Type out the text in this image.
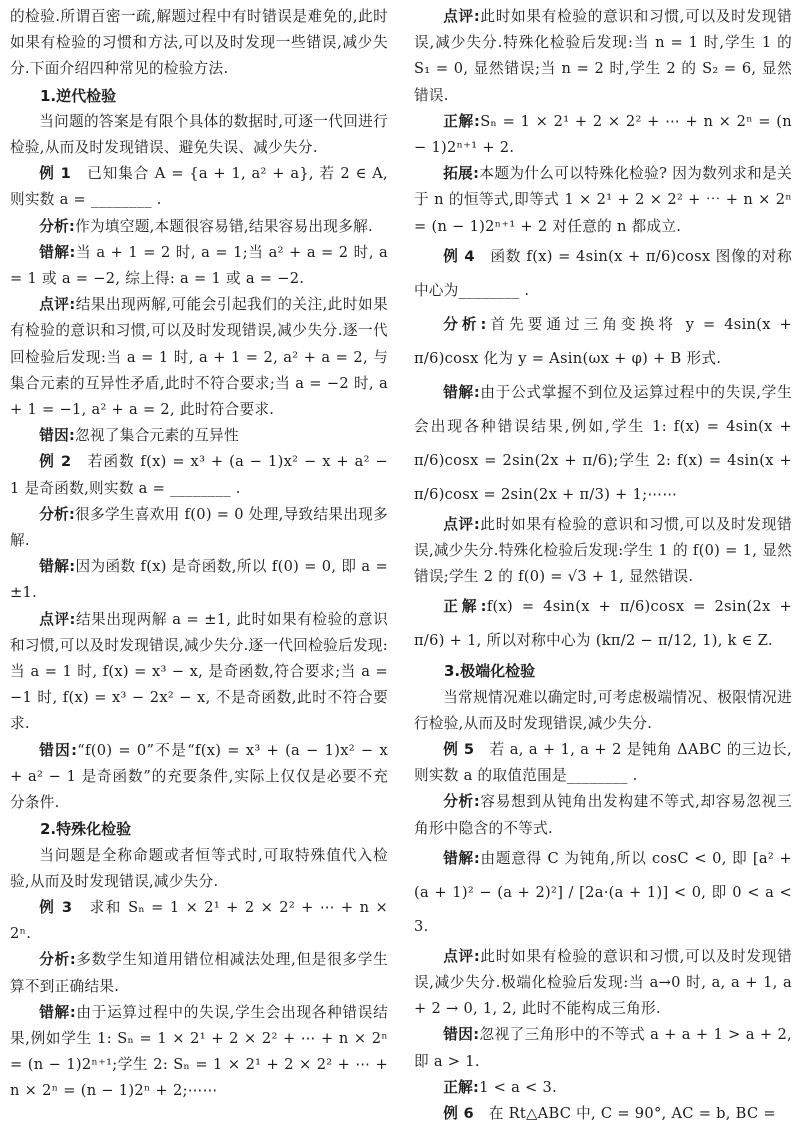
的检验.所谓百密一疏,解题过程中有时错误是难免的,此时如果有检验的习惯和方法,可以及时发现一些错误,减少失分.下面介绍四种常见的检验方法.

1.逆代检验

当问题的答案是有限个具体的数据时,可逐一代回进行检验,从而及时发现错误、避免失误、减少失分.

例 1　已知集合 A = {a + 1, a² + a}, 若 2 ∈ A, 则实数 a = ________ .

分析:作为填空题,本题很容易错,结果容易出现多解.

错解:当 a + 1 = 2 时, a = 1;当 a² + a = 2 时, a = 1 或 a = −2, 综上得: a = 1 或 a = −2.

点评:结果出现两解,可能会引起我们的关注,此时如果有检验的意识和习惯,可以及时发现错误,减少失分.逐一代回检验后发现:当 a = 1 时, a + 1 = 2, a² + a = 2, 与集合元素的互异性矛盾,此时不符合要求;当 a = −2 时, a + 1 = −1, a² + a = 2, 此时符合要求.

错因:忽视了集合元素的互异性

例 2　若函数 f(x) = x³ + (a − 1)x² − x + a² − 1 是奇函数,则实数 a = ________ .

分析:很多学生喜欢用 f(0) = 0 处理,导致结果出现多解.

错解:因为函数 f(x) 是奇函数,所以 f(0) = 0, 即 a = ±1.

点评:结果出现两解 a = ±1, 此时如果有检验的意识和习惯,可以及时发现错误,减少失分.逐一代回检验后发现:当 a = 1 时, f(x) = x³ − x, 是奇函数,符合要求;当 a = −1 时, f(x) = x³ − 2x² − x, 不是奇函数,此时不符合要求.

错因:“f(0) = 0”不是“f(x) = x³ + (a − 1)x² − x + a² − 1 是奇函数”的充要条件,实际上仅仅是必要不充分条件.

2.特殊化检验

当问题是全称命题或者恒等式时,可取特殊值代入检验,从而及时发现错误,减少失分.

例 3　求和 Sₙ = 1 × 2¹ + 2 × 2² + ⋯ + n × 2ⁿ.

分析:多数学生知道用错位相减法处理,但是很多学生算不到正确结果.

错解:由于运算过程中的失误,学生会出现各种错误结果,例如学生 1: Sₙ = 1 × 2¹ + 2 × 2² + ⋯ + n × 2ⁿ = (n − 1)2ⁿ⁺¹;学生 2: Sₙ = 1 × 2¹ + 2 × 2² + ⋯ + n × 2ⁿ = (n − 1)2ⁿ + 2;⋯⋯

点评:此时如果有检验的意识和习惯,可以及时发现错误,减少失分.特殊化检验后发现:当 n = 1 时,学生 1 的 S₁ = 0, 显然错误;当 n = 2 时,学生 2 的 S₂ = 6, 显然错误.

正解:Sₙ = 1 × 2¹ + 2 × 2² + ⋯ + n × 2ⁿ = (n − 1)2ⁿ⁺¹ + 2.

拓展:本题为什么可以特殊化检验? 因为数列求和是关于 n 的恒等式,即等式 1 × 2¹ + 2 × 2² + ⋯ + n × 2ⁿ = (n − 1)2ⁿ⁺¹ + 2 对任意的 n 都成立.

例 4　函数 f(x) = 4sin(x + π/6)cosx 图像的对称中心为________ .

分析:首先要通过三角变换将 y = 4sin(x + π/6)cosx 化为 y = Asin(ωx + φ) + B 形式.

错解:由于公式掌握不到位及运算过程中的失误,学生会出现各种错误结果,例如,学生 1: f(x) = 4sin(x + π/6)cosx = 2sin(2x + π/6);学生 2: f(x) = 4sin(x + π/6)cosx = 2sin(2x + π/3) + 1;⋯⋯

点评:此时如果有检验的意识和习惯,可以及时发现错误,减少失分.特殊化检验后发现:学生 1 的 f(0) = 1, 显然错误;学生 2 的 f(0) = √3 + 1, 显然错误.

正解:f(x) = 4sin(x + π/6)cosx = 2sin(2x + π/6) + 1, 所以对称中心为 (kπ/2 − π/12, 1), k ∈ Z.

3.极端化检验

当常规情况难以确定时,可考虑极端情况、极限情况进行检验,从而及时发现错误,减少失分.

例 5　若 a, a + 1, a + 2 是钝角 ΔABC 的三边长,则实数 a 的取值范围是________ .

分析:容易想到从钝角出发构建不等式,却容易忽视三角形中隐含的不等式.

错解:由题意得 C 为钝角,所以 cosC < 0, 即 [a² + (a + 1)² − (a + 2)²] / [2a·(a + 1)] < 0, 即 0 < a < 3.

点评:此时如果有检验的意识和习惯,可以及时发现错误,减少失分.极端化检验后发现:当 a→0 时, a, a + 1, a + 2 → 0, 1, 2, 此时不能构成三角形.

错因:忽视了三角形中的不等式 a + a + 1 > a + 2, 即 a > 1.

正解:1 < a < 3.

例 6　在 Rt△ABC 中, C = 90°, AC = b, BC =
